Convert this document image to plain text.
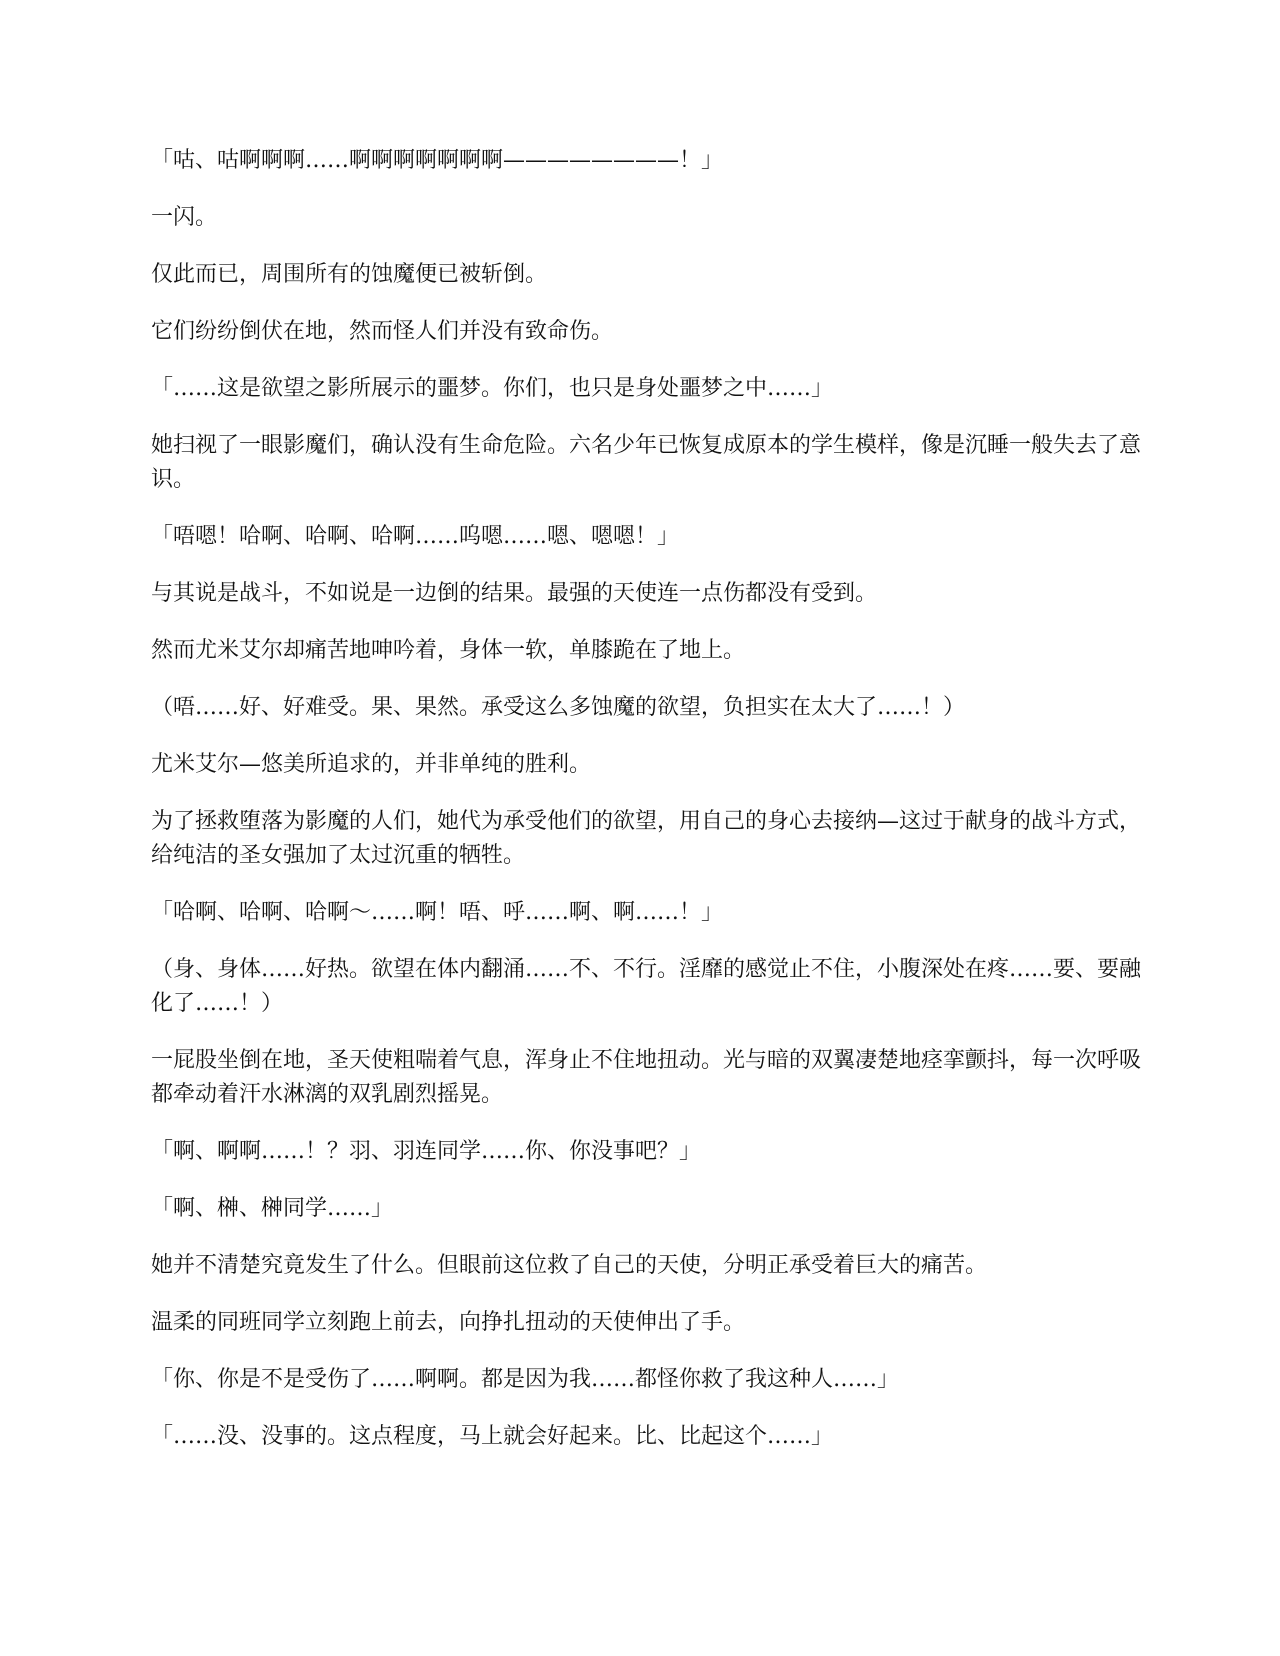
「咕、咕啊啊啊……啊啊啊啊啊啊啊————————！」

一闪。

仅此而已，周围所有的蚀魔便已被斩倒。

它们纷纷倒伏在地，然而怪人们并没有致命伤。

「……这是欲望之影所展示的噩梦。你们，也只是身处噩梦之中……」

她扫视了一眼影魔们，确认没有生命危险。六名少年已恢复成原本的学生模样，像是沉睡一般失去了意识。

「唔嗯！哈啊、哈啊、哈啊……呜嗯……嗯、嗯嗯！」

与其说是战斗，不如说是一边倒的结果。最强的天使连一点伤都没有受到。

然而尤米艾尔却痛苦地呻吟着，身体一软，单膝跪在了地上。

（唔……好、好难受。果、果然。承受这么多蚀魔的欲望，负担实在太大了……！）

尤米艾尔—悠美所追求的，并非单纯的胜利。

为了拯救堕落为影魔的人们，她代为承受他们的欲望，用自己的身心去接纳—这过于献身的战斗方式，给纯洁的圣女强加了太过沉重的牺牲。

「哈啊、哈啊、哈啊～……啊！唔、呼……啊、啊……！」

（身、身体……好热。欲望在体内翻涌……不、不行。淫靡的感觉止不住，小腹深处在疼……要、要融化了……！）

一屁股坐倒在地，圣天使粗喘着气息，浑身止不住地扭动。光与暗的双翼凄楚地痉挛颤抖，每一次呼吸都牵动着汗水淋漓的双乳剧烈摇晃。

「啊、啊啊……！？羽、羽连同学……你、你没事吧？」

「啊、榊、榊同学……」

她并不清楚究竟发生了什么。但眼前这位救了自己的天使，分明正承受着巨大的痛苦。

温柔的同班同学立刻跑上前去，向挣扎扭动的天使伸出了手。

「你、你是不是受伤了……啊啊。都是因为我……都怪你救了我这种人……」

「……没、没事的。这点程度，马上就会好起来。比、比起这个……」
